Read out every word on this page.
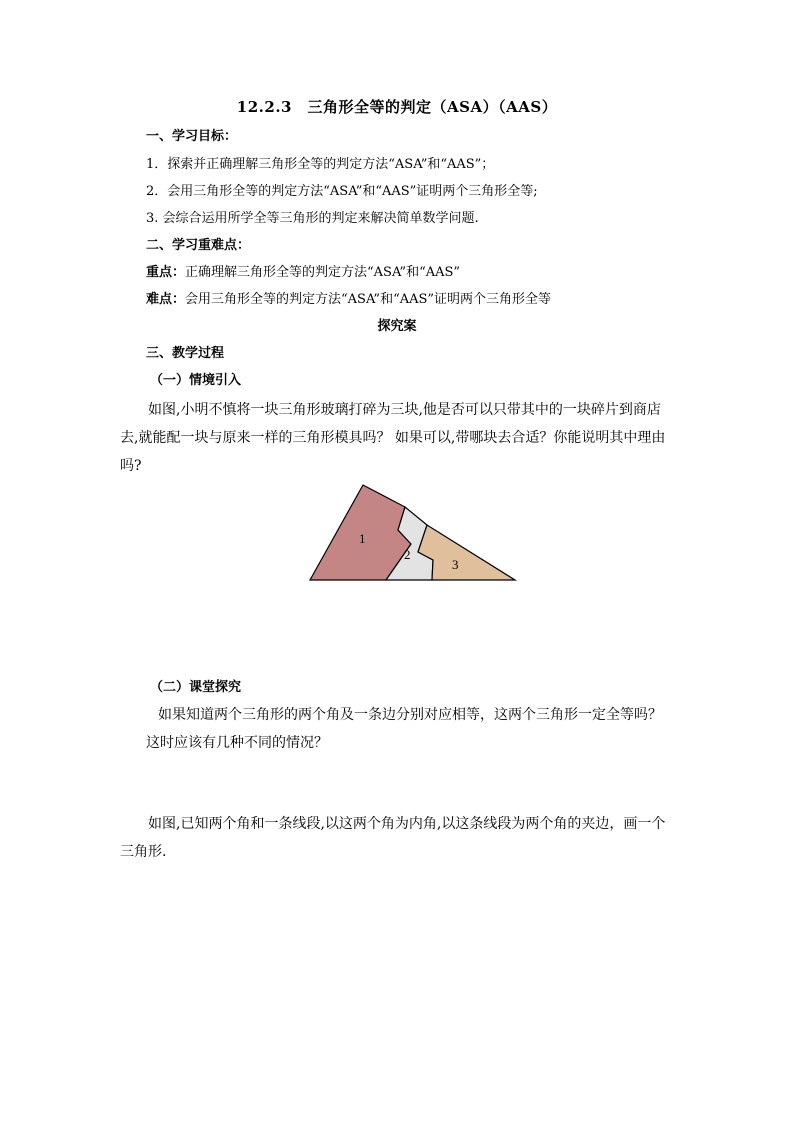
12.2.3　三角形全等的判定（ASA）（AAS）
一、学习目标：
1．探索并正确理解三角形全等的判定方法“ASA”和“AAS”；
2．会用三角形全等的判定方法“ASA”和“AAS”证明两个三角形全等;
3. 会综合运用所学全等三角形的判定来解决简单数学问题.
二、学习重难点：
重点：正确理解三角形全等的判定方法“ASA”和“AAS”
难点：会用三角形全等的判定方法“ASA”和“AAS”证明两个三角形全等
探究案
三、教学过程
（一）情境引入
如图,小明不慎将一块三角形玻璃打碎为三块,他是否可以只带其中的一块碎片到商店去,就能配一块与原来一样的三角形模具吗？ 如果可以,带哪块去合适？你能说明其中理由吗?
1
2
3
（二）课堂探究
如果知道两个三角形的两个角及一条边分别对应相等，这两个三角形一定全等吗？
这时应该有几种不同的情况？
如图,已知两个角和一条线段,以这两个角为内角,以这条线段为两个角的夹边，画一个三角形.
